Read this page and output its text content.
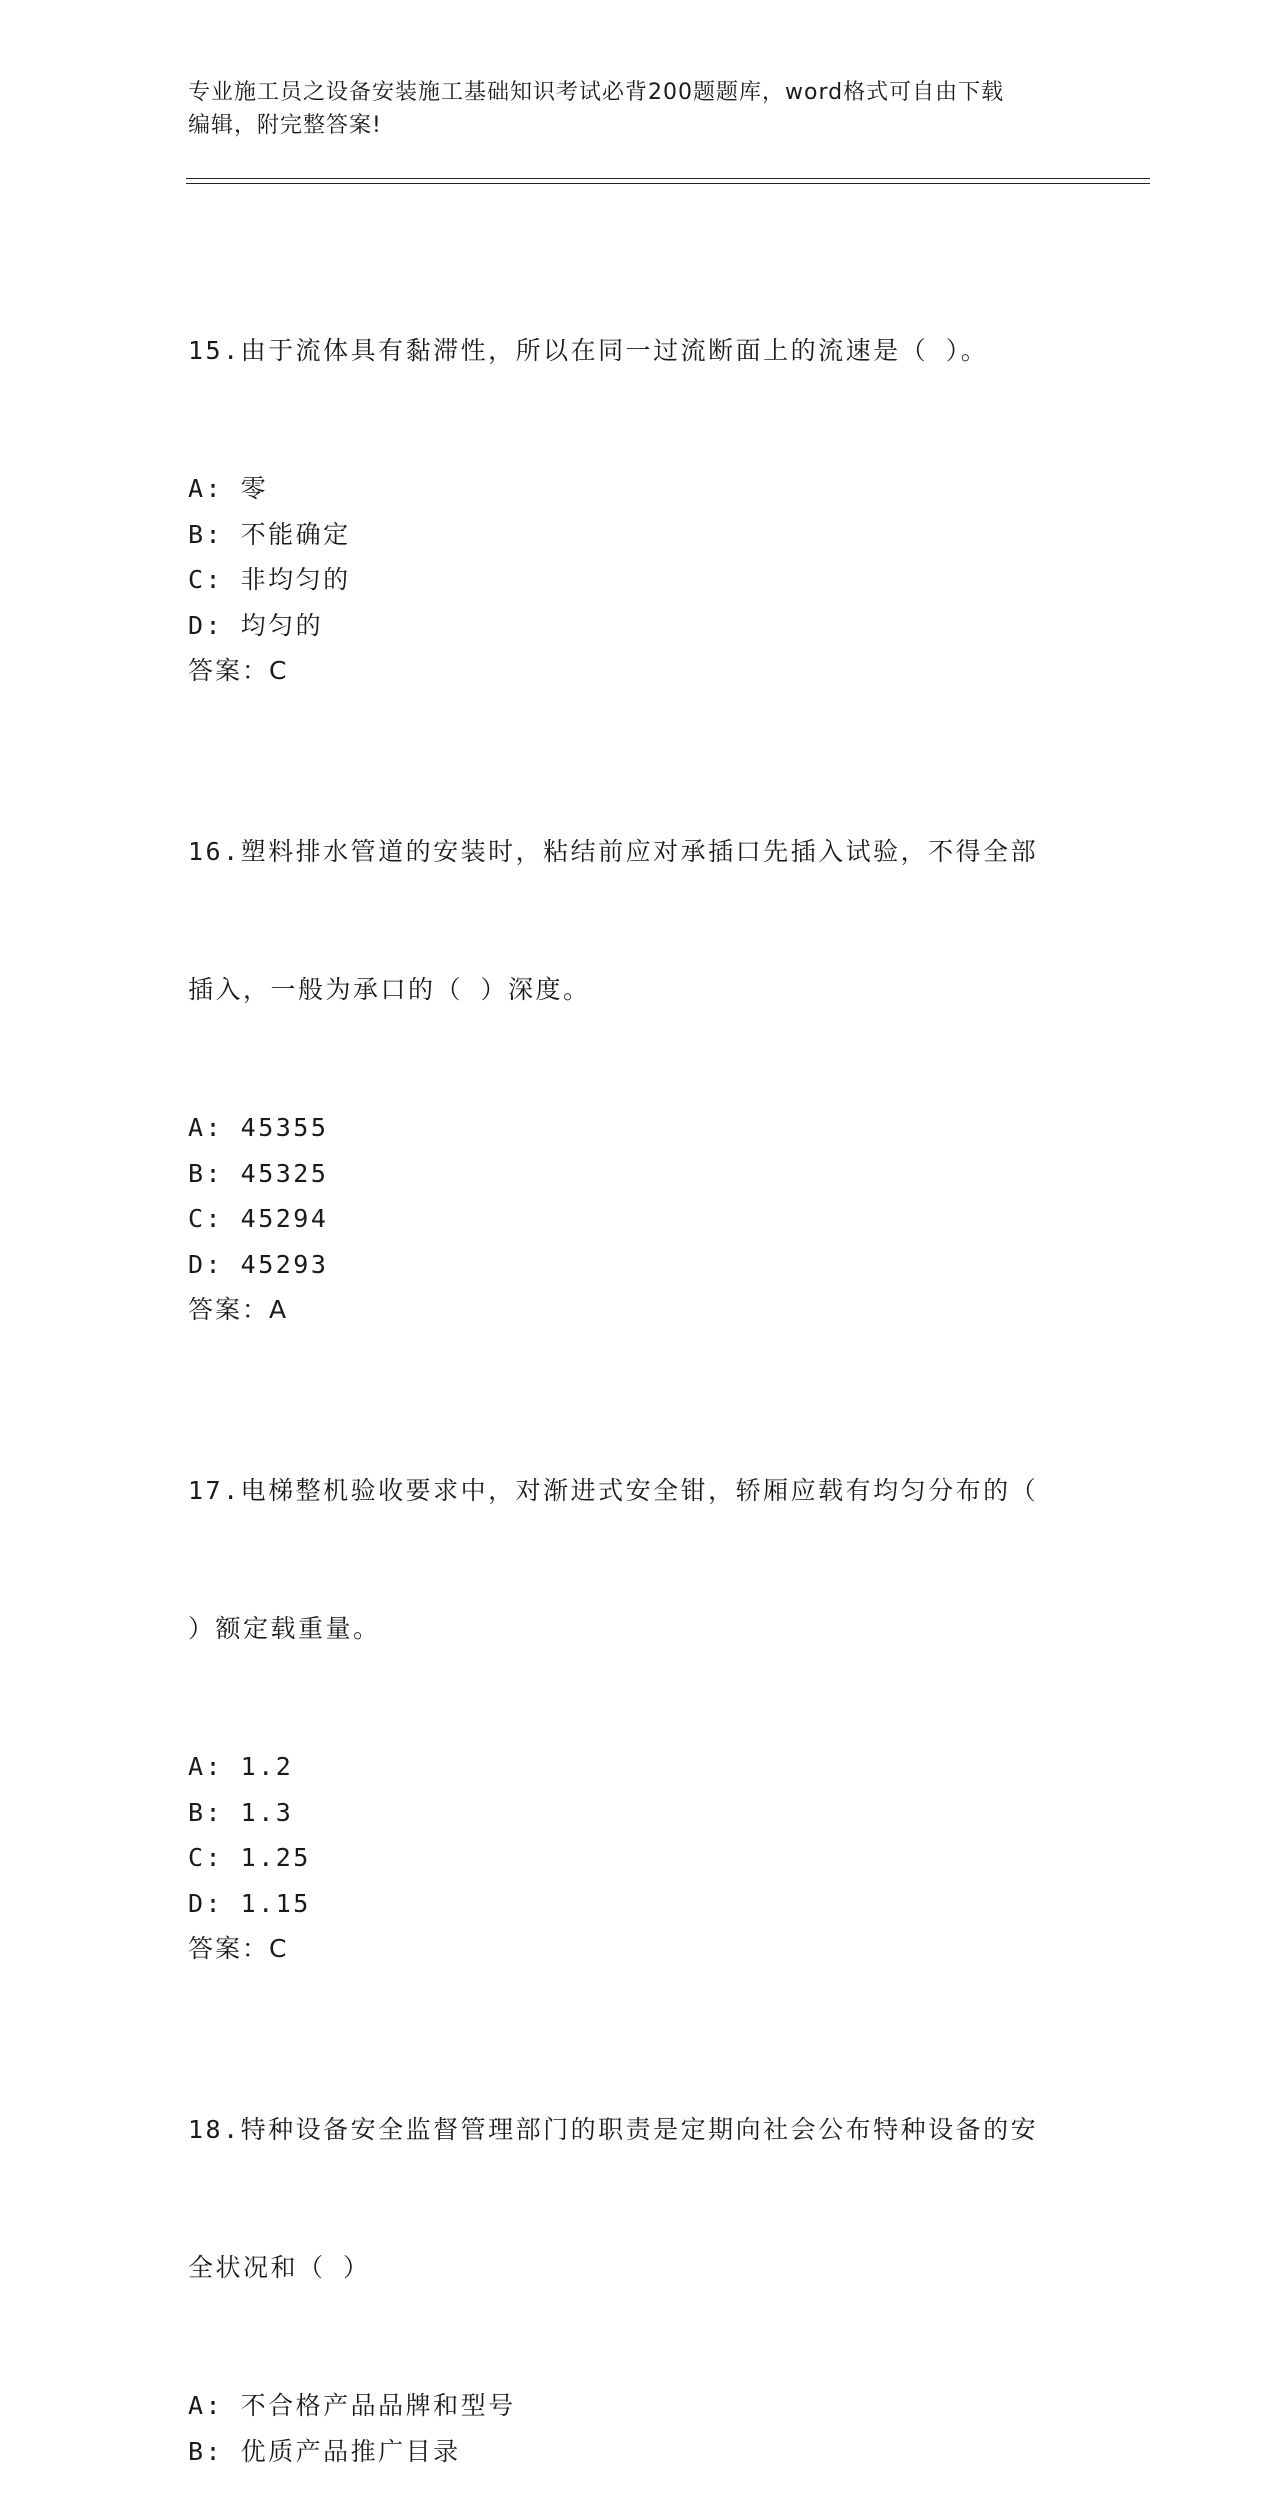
专业施工员之设备安装施工基础知识考试必背200题题库，word格式可自由下载
编辑，附完整答案!

15.由于流体具有黏滞性，所以在同一过流断面上的流速是（ ）。

A: 零
B: 不能确定
C: 非均匀的
D: 均匀的
答案：C

16.塑料排水管道的安装时，粘结前应对承插口先插入试验，不得全部

插入，一般为承口的（ ）深度。

A: 45355
B: 45325
C: 45294
D: 45293
答案：A

17.电梯整机验收要求中，对渐进式安全钳，轿厢应载有均匀分布的（

）额定载重量。

A: 1.2
B: 1.3
C: 1.25
D: 1.15
答案：C

18.特种设备安全监督管理部门的职责是定期向社会公布特种设备的安

全状况和（ ）

A: 不合格产品品牌和型号
B: 优质产品推广目录
